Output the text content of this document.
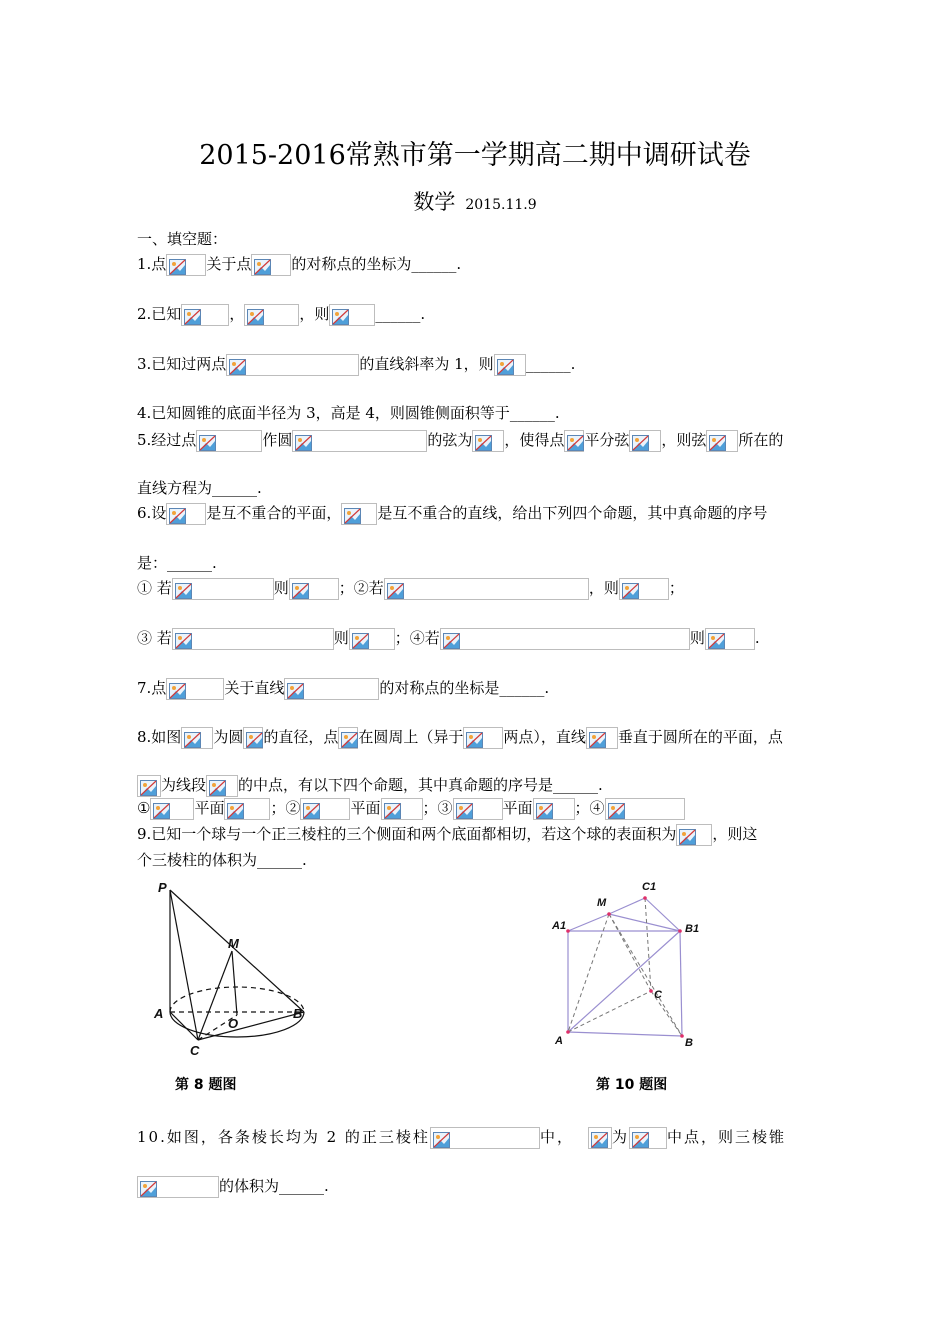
2015-2016常熟市第一学期高二期中调研试卷
数学 2015.11.9
一、填空题：
1.点	关于点	的对称点的坐标为______.
2.已知	，	，则	______.
3.已知过两点	的直线斜率为 1，则 ______.
4.已知圆锥的底面半径为 3，高是 4，则圆锥侧面积等于______.
5.经过点	作圆	的弦为 ，使得点 平分弦 ，则弦 所在的
直线方程为______.
6.设	是互不重合的平面， 是互不重合的直线，给出下列四个命题，其中真命题的序号
是：______.
① 若	则	；②若	，则	；
③ 若	则	；④若	则	.
7.点	关于直线	的对称点的坐标是______.
8.如图 为圆 的直径，点 在圆周上（异于	两点），直线 垂直于圆所在的平面，点
为线段 的中点，有以下四个命题，其中真命题的序号是______.
①	平面	；②	平面	；③	平面	；④
9.已知一个球与一个正三棱柱的三个侧面和两个底面都相切，若这个球的表面积为 ，则这
个三棱柱的体积为______.
P
M
A
O
B
C
第 8 题图
C1
M
A1	B1
C
A	B
第 10 题图
10.如图，各条棱长均为 2 的正三棱柱	中，	为	中点，则三棱锥
的体积为______.
